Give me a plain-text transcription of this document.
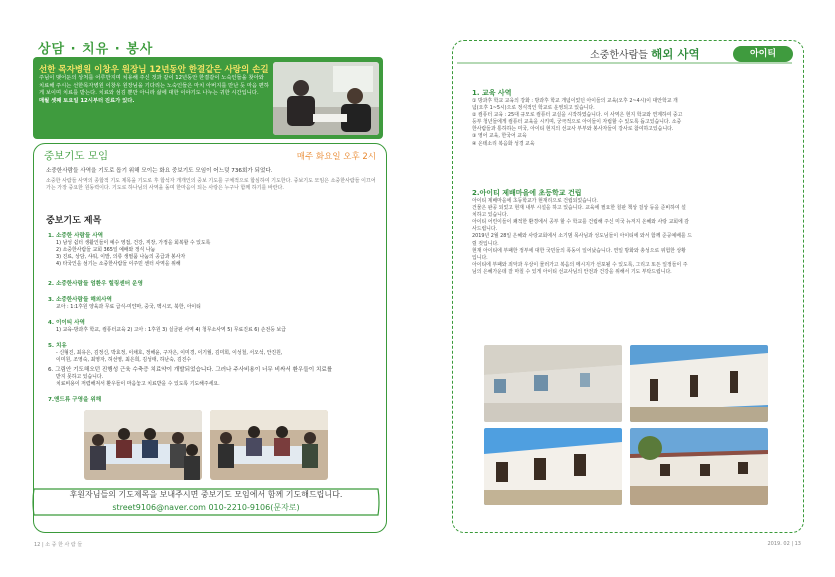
상담 · 치유 · 봉사
선한 목자병원 이창우 원장님 12년동안 한결같은 사랑의 손길
주님이 맺어둔의 상처를 어루만지며 치유해 주신 것과 같이 12년동안 한결같이 노숙인들을 찾아와 치료해 주시는 선한목자병원 이창우 원장님을 기다리는 노숙인들은 마치 아버지를 만난 듯 마음 편하게 보이며 치료를 받는다. 치료와 섬김 뿐만 아니라 삶에 대한 이야기도 나누는 귀한 시간입니다.
매월 셋째 토요일 12시부터 진료가 있다.
중보기도 모임	매주 화요일 오후 2시
소중한사람들 사역을 기도로 돕기 위해 모이는 화요 중보기도 모임이 어느덧 736회가 되었다.
소중한 사람들 사역의 종합적 기도 제목을 기도로 후 합석자 개개인의 중보 기도를 구체적으로 합심하여 기도한다. 중보기도 모임은 소중한사람들 이끄어 가는 가장 중요한 원동력이다. 기도로 하나님의 사역을 돌며 한마음이 되는 사랑은 누구나 함께 하기를 바란다.
중보기도 제목
1. 소중한 사람들 사역
1) 남성 쉼터 생활인들이 예수 영접, 건강, 직장, 가정을 회복할 수 있도록
2) 소중한사람들 교회 365일 예배와 정식 나눔
3) 진료, 상담, 샤워, 이발, 의류 생필품 나눔의 공급과 봉사자
4) 타국인을 섬기는 소중한사람들 이주민 센터 사역을 위해
2. 소중한사람들 엄환우 힐링센터 운영
3. 소중한사람들 해외사역
교아 : 1:1후원 양육과 무료 급식-미얀마, 중국, 멕시코, 북한, 아이티
4. 이이티 사역
1) 교육-방과후 학교, 컴퓨터교육 2) 고아 : 1후원 3) 실금판 사역 4) 청무소사역 5) 무료진료 6) 손전등 보급
5. 치유
- 신형진, 최유은, 김정신, 박효정, 이채호, 정해윤, 구자은, 이미경, 이기월, 김미희, 이성철, 서오석, 안진원,
이미원, 조영숙, 최영자, 허선영, 최은희, 김성태, 하난숙, 김진수
6. 그림안 기도해오던 진행성 근육 수축증 치료약이 개발되었습니다. 그러나 주사비용이 너무 비싸서 환우들이 치료를
받지 못하고 있습니다.
치료비용이 저렴해져서 환우들이 마음놓고 치료받을 수 있도록 기도해주세요.
7.앤드류 구영을 위해
후원자님들의 기도제목을 보내주시면 중보기도 모임에서 함께 기도해드립니다.
street9106@naver.com 010-2210-9106(문자로)
12 | 소 중 한 사 람 들
소중한사람들 해외 사역	아이티
1. 교육 사역
① 방과후 학교 교육의 강화 : 방과후 학교 개념이었던 아이들의 교육(오후 2~4시)이 대안학교 개
념(오후 1~5시)으로 정식적인 학교로 운영되고 있습니다.
② 컴퓨터 교육 : 25대 규모로 컴퓨터 교실을 시작하였습니다. 이 사역은 현지 학교와 연계하여 중고
등부 청년들에게 컴퓨터 교육을 시키며, 궁극적으로 아이들이 자립할 수 있도록 돕고있습니다. 소중
한사람들과 통하하는 미국, 아이티 현지의 선교사 부부와 봉사자들이 강사로 참여하고있습니다.
③ 영어 교육, 한국어 교육
④ 온테소리 복음화 성경 교육
2.아이티 제배마을에 초등학교 건립
아이티 제배마을에 초등학교가 현재리으로 건립되었습니다.
건물은 완공 되었고 현재 내부 시설을 하고 있습니다. 교육에 필요한 칠판 책상 걸상 등을 준비하여 설
치하고 있습니다.
아이티 어린이들이 쾌적한 환경에서 공부 할 수 학교를 건립해 주신 미국 뉴저지 온혜와 사랑 교회에 감
사드립니다.
2019년 2월 28일 은혜와 사랑교회에서 소기범 목사님과 성도님들이 아이티에 와서 함께 준공예배를 드
릴 것입니다.
현재 아이티에 부패한 정부에 대한 국민들의 폭동이 일어났습니다. 연일 방화와 총성으로 위험한 상황
입니다.
아이티에 부패와 죄악과 우상이 물러가고 복음의 메시지가 선포될 수 있도록, 그리고 또든 일정들이 주
님의 은혜가운데 잘 마칠 수 있게 아이티 선교사님의 안전과 건강을 위해서 기도 부탁드립니다.
2019. 02 | 13
